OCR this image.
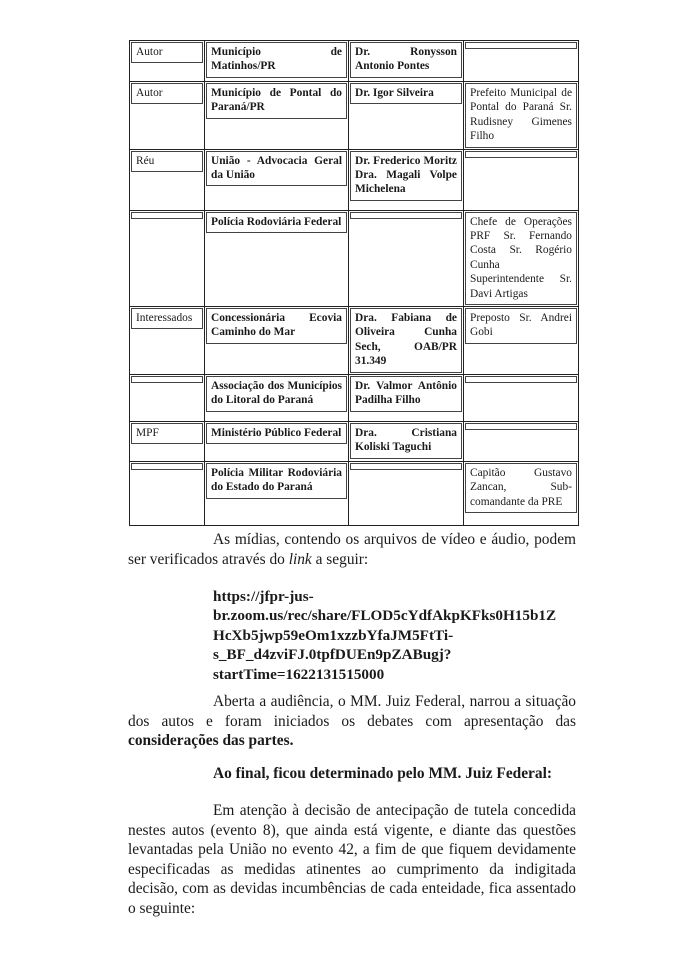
Autor	Município de Matinhos/PR	Dr. Ronysson Antonio Pontes	

Autor	Município de Pontal do Paraná/PR	Dr. Igor Silveira	Prefeito Municipal de Pontal do Paraná Sr. Rudisney Gimenes Filho

Réu	União - Advocacia Geral da União	Dr. Frederico Moritz Dra. Magali Volpe Michelena	

	Polícia Rodoviária Federal		Chefe de Operações PRF Sr. Fernando Costa Sr. Rogério Cunha Superintendente Sr. Davi Artigas

Interessados	Concessionária Ecovia Caminho do Mar	Dra. Fabiana de Oliveira Cunha Sech, OAB/PR 31.349	Preposto Sr. Andrei Gobi

	Associação dos Municípios do Litoral do Paraná	Dr. Valmor Antônio Padilha Filho	

MPF	Ministério Público Federal	Dra. Cristiana Koliski Taguchi	

	Polícia Militar Rodoviária do Estado do Paraná		Capitão Gustavo Zancan, Sub-comandante da PRE
As mídias, contendo os arquivos de vídeo e áudio, podem ser verificados através do link a seguir:
https://jfpr-jus-
br.zoom.us/rec/share/FLOD5cYdfAkpKFks0H15b1Z
HcXb5jwp59eOm1xzzbYfaJM5FtTi-
s_BF_d4zviFJ.0tpfDUEn9pZABugj?
startTime=1622131515000
Aberta a audiência, o MM. Juiz Federal, narrou a situação dos autos e foram iniciados os debates com apresentação das considerações das partes.
Ao final, ficou determinado pelo MM. Juiz Federal:
Em atenção à decisão de antecipação de tutela concedida nestes autos (evento 8), que ainda está vigente, e diante das questões levantadas pela União no evento 42, a fim de que fiquem devidamente especificadas as medidas atinentes ao cumprimento da indigitada decisão, com as devidas incumbências de cada enteidade, fica assentado o seguinte:
